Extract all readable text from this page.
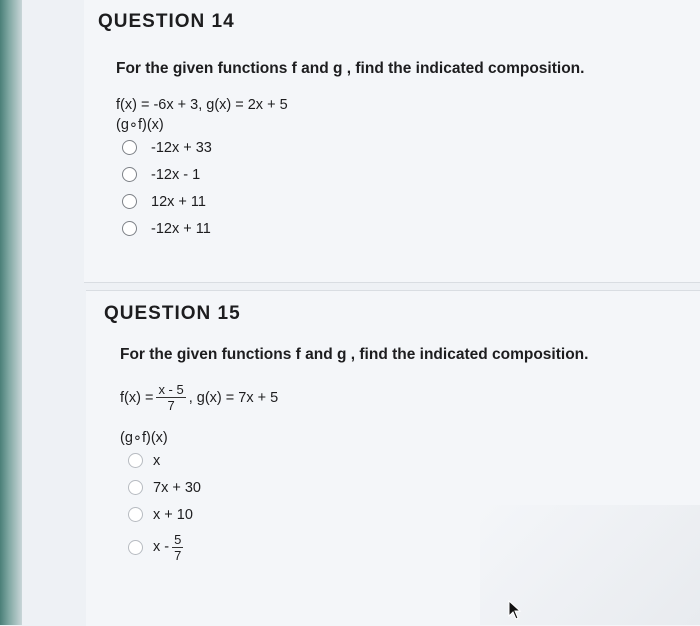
QUESTION 14
For the given functions f and g , find the indicated composition.
f(x) = -6x + 3, g(x) = 2x + 5
(g∘f)(x)
-12x + 33
-12x - 1
12x + 11
-12x + 11
QUESTION 15
For the given functions f and g , find the indicated composition.
$f(x) = \frac{x - 5}{7}$ , g(x) = 7x + 5
(g∘f)(x)
x
7x + 30
x + 10
x - $\frac{5}{7}$
